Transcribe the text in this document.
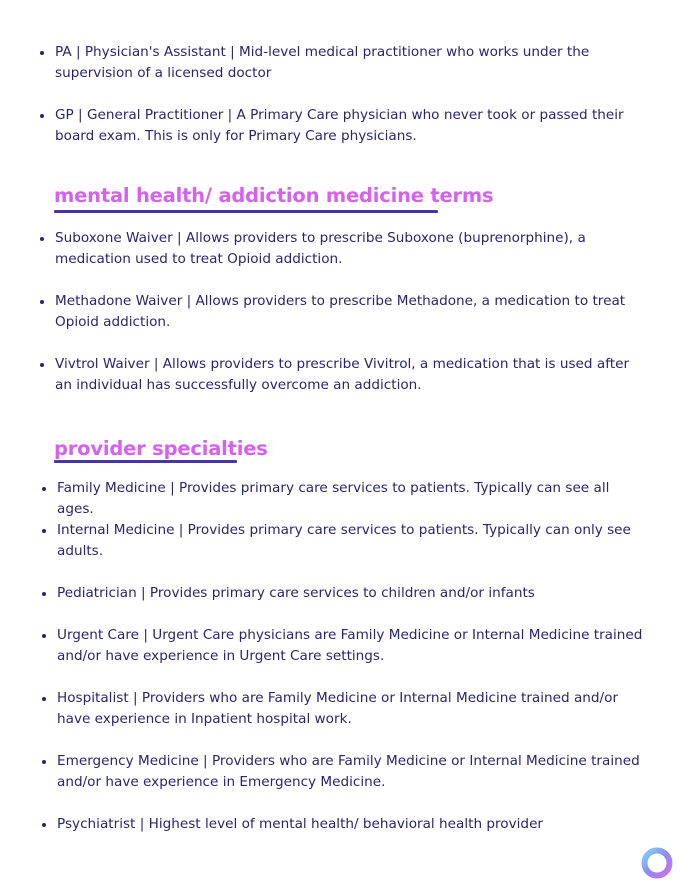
PA | Physician's Assistant | Mid-level medical practitioner who works under the supervision of a licensed doctor
GP | General Practitioner | A Primary Care physician who never took or passed their board exam. This is only for Primary Care physicians.
mental health/ addiction medicine terms
Suboxone Waiver | Allows providers to prescribe Suboxone (buprenorphine), a medication used to treat Opioid addiction.
Methadone Waiver | Allows providers to prescribe Methadone, a medication to treat Opioid addiction.
Vivtrol Waiver | Allows providers to prescribe Vivitrol, a medication that is used after an individual has successfully overcome an addiction.
provider specialties
Family Medicine | Provides primary care services to patients. Typically can see all ages.
Internal Medicine | Provides primary care services to patients. Typically can only see adults.
Pediatrician | Provides primary care services to children and/or infants
Urgent Care | Urgent Care physicians are Family Medicine or Internal Medicine trained and/or have experience in Urgent Care settings.
Hospitalist | Providers who are Family Medicine or Internal Medicine trained and/or have experience in Inpatient hospital work.
Emergency Medicine | Providers who are Family Medicine or Internal Medicine trained and/or have experience in Emergency Medicine.
Psychiatrist | Highest level of mental health/ behavioral health provider
